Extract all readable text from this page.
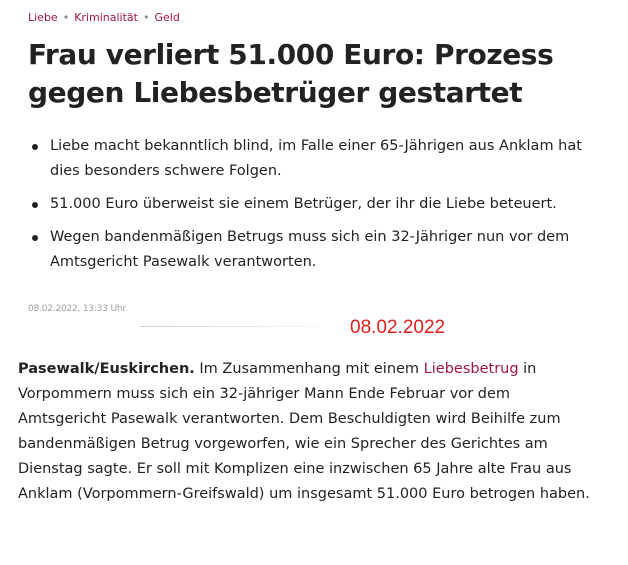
Liebe • Kriminalität • Geld
Frau verliert 51.000 Euro: Prozess gegen Liebesbetrüger gestartet
Liebe macht bekanntlich blind, im Falle einer 65-Jährigen aus Anklam hat dies besonders schwere Folgen.
51.000 Euro überweist sie einem Betrüger, der ihr die Liebe beteuert.
Wegen bandenmäßigen Betrugs muss sich ein 32-Jähriger nun vor dem Amtsgericht Pasewalk verantworten.
08.02.2022, 13:33 Uhr
08.02.2022

Pasewalk/Euskirchen. Im Zusammenhang mit einem Liebesbetrug in Vorpommern muss sich ein 32-jähriger Mann Ende Februar vor dem Amtsgericht Pasewalk verantworten. Dem Beschuldigten wird Beihilfe zum bandenmäßigen Betrug vorgeworfen, wie ein Sprecher des Gerichtes am Dienstag sagte. Er soll mit Komplizen eine inzwischen 65 Jahre alte Frau aus Anklam (Vorpommern-Greifswald) um insgesamt 51.000 Euro betrogen haben.
